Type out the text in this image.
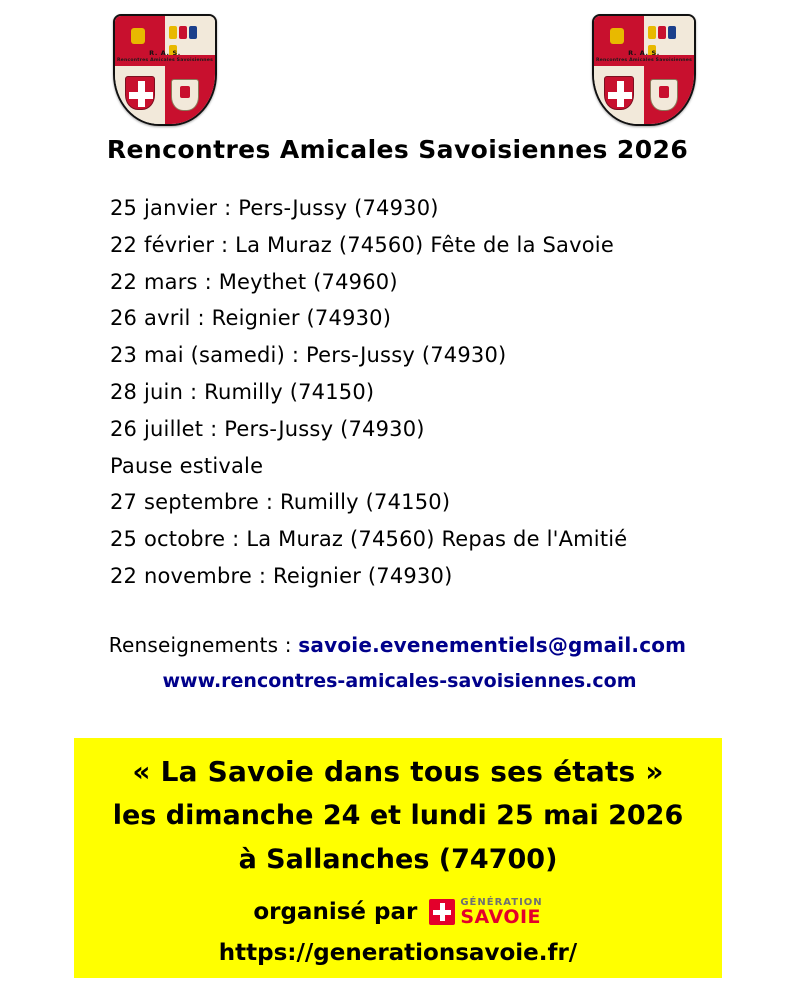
R. A. S.
Rencontres Amicales Savoisiennes
R. A. S.
Rencontres Amicales Savoisiennes
Rencontres Amicales Savoisiennes 2026
25 janvier : Pers-Jussy (74930)
22 février : La Muraz (74560) Fête de la Savoie
22 mars : Meythet (74960)
26 avril : Reignier (74930)
23 mai (samedi) : Pers-Jussy (74930)
28 juin : Rumilly (74150)
26 juillet : Pers-Jussy (74930)
Pause estivale
27 septembre : Rumilly (74150)
25 octobre : La Muraz (74560) Repas de l'Amitié
22 novembre : Reignier (74930)
Renseignements : savoie.evenementiels@gmail.com
www.rencontres-amicales-savoisiennes.com
« La Savoie dans tous ses états »
les dimanche 24 et lundi 25 mai 2026
à Sallanches (74700)
organisé par	GÉNÉRATION
SAVOIE
https://generationsavoie.fr/
